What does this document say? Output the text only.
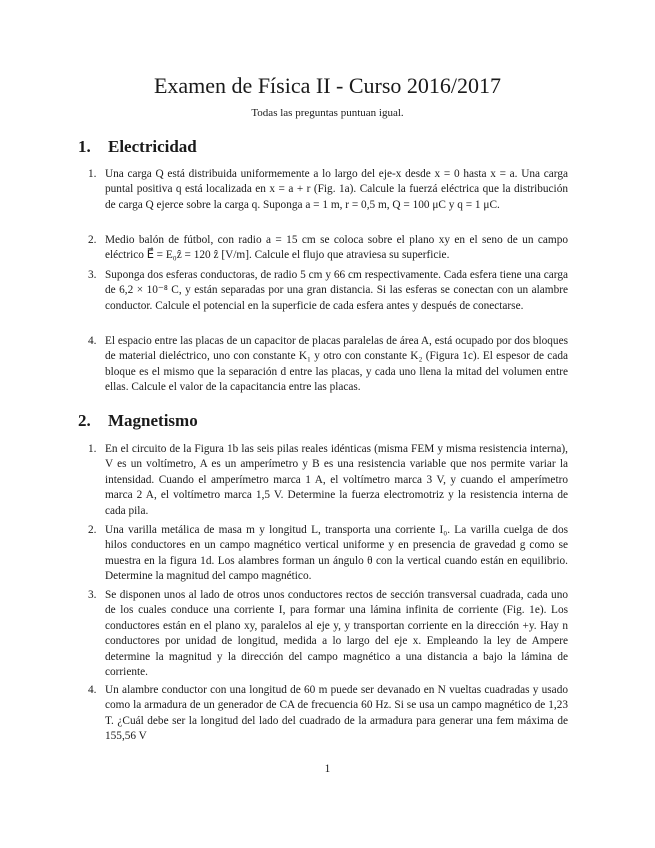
Examen de Física II - Curso 2016/2017
Todas las preguntas puntuan igual.
1. Electricidad
1. Una carga Q está distribuida uniformemente a lo largo del eje-x desde x = 0 hasta x = a. Una carga puntal positiva q está localizada en x = a + r (Fig. 1a). Calcule la fuerzá eléctrica que la distribución de carga Q ejerce sobre la carga q. Suponga a = 1 m, r = 0,5 m, Q = 100 μC y q = 1 μC.
2. Medio balón de fútbol, con radio a = 15 cm se coloca sobre el plano xy en el seno de un campo eléctrico E⃗ = E₀ẑ = 120 ẑ [V/m]. Calcule el flujo que atraviesa su superficie.
3. Suponga dos esferas conductoras, de radio 5 cm y 66 cm respectivamente. Cada esfera tiene una carga de 6,2 × 10⁻⁸ C, y están separadas por una gran distancia. Si las esferas se conectan con un alambre conductor. Calcule el potencial en la superficie de cada esfera antes y después de conectarse.
4. El espacio entre las placas de un capacitor de placas paralelas de área A, está ocupado por dos bloques de material dieléctrico, uno con constante K₁ y otro con constante K₂ (Figura 1c). El espesor de cada bloque es el mismo que la separación d entre las placas, y cada uno llena la mitad del volumen entre ellas. Calcule el valor de la capacitancia entre las placas.
2. Magnetismo
1. En el circuito de la Figura 1b las seis pilas reales idénticas (misma FEM y misma resistencia interna), V es un voltímetro, A es un amperímetro y B es una resistencia variable que nos permite variar la intensidad. Cuando el amperímetro marca 1 A, el voltímetro marca 3 V, y cuando el amperímetro marca 2 A, el voltímetro marca 1,5 V. Determine la fuerza electromotriz y la resistencia interna de cada pila.
2. Una varilla metálica de masa m y longitud L, transporta una corriente I₀. La varilla cuelga de dos hilos conductores en un campo magnético vertical uniforme y en presencia de gravedad g como se muestra en la figura 1d. Los alambres forman un ángulo θ con la vertical cuando están en equilibrio. Determine la magnitud del campo magnético.
3. Se disponen unos al lado de otros unos conductores rectos de sección transversal cuadrada, cada uno de los cuales conduce una corriente I, para formar una lámina infinita de corriente (Fig. 1e). Los conductores están en el plano xy, paralelos al eje y, y transportan corriente en la dirección +y. Hay n conductores por unidad de longitud, medida a lo largo del eje x. Empleando la ley de Ampere determine la magnitud y la dirección del campo magnético a una distancia a bajo la lámina de corriente.
4. Un alambre conductor con una longitud de 60 m puede ser devanado en N vueltas cuadradas y usado como la armadura de un generador de CA de frecuencia 60 Hz. Si se usa un campo magnético de 1,23 T. ¿Cuál debe ser la longitud del lado del cuadrado de la armadura para generar una fem máxima de 155,56 V
1
